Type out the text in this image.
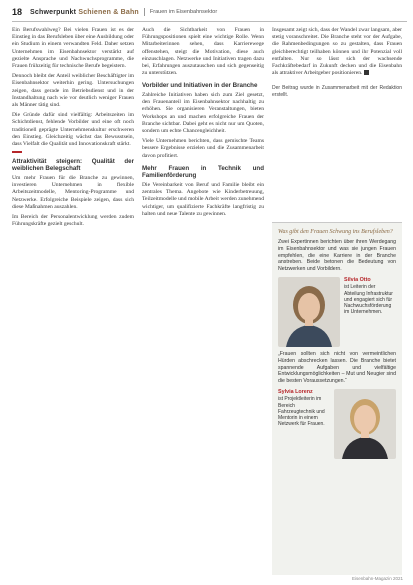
18 Schwerpunkt Schienen & Bahn Frauen im Eisenbahnsektor

Ein Berufswahlweg? Bei vielen Frauen ist es der Einstieg in das Berufsleben über eine Ausbildung oder ein Studium in einem verwandten Feld. Daher setzen Unternehmen im Eisenbahnsektor verstärkt auf gezielte Ansprache und Nachwuchsprogramme, die Frauen frühzeitig für technische Berufe begeistern.

Dennoch bleibt der Anteil weiblicher Beschäftigter im Eisenbahnsektor weiterhin gering. Untersuchungen zeigen, dass gerade im Betriebsdienst und in der Instandhaltung nach wie vor deutlich weniger Frauen als Männer tätig sind.

Die Gründe dafür sind vielfältig: Arbeitszeiten im Schichtdienst, fehlende Vorbilder und eine oft noch traditionell geprägte Unternehmenskultur erschweren den Einstieg. Gleichzeitig wächst das Bewusstsein, dass Vielfalt die Qualität und Innovationskraft stärkt.

Attraktivität steigern: Qualität der weiblichen Belegschaft

Um mehr Frauen für die Branche zu gewinnen, investieren Unternehmen in flexible Arbeitszeitmodelle, Mentoring-Programme und Netzwerke. Erfolgreiche Beispiele zeigen, dass sich diese Maßnahmen auszahlen.

Im Bereich der Personalentwicklung werden zudem Führungskräfte gezielt geschult.

Auch die Sichtbarkeit von Frauen in Führungspositionen spielt eine wichtige Rolle. Wenn Mitarbeiterinnen sehen, dass Karrierewege offenstehen, steigt die Motivation, diese auch einzuschlagen. Netzwerke und Initiativen tragen dazu bei, Erfahrungen auszutauschen und sich gegenseitig zu unterstützen.

Vorbilder und Initiativen in der Branche

Zahlreiche Initiativen haben sich zum Ziel gesetzt, den Frauenanteil im Eisenbahnsektor nachhaltig zu erhöhen. Sie organisieren Veranstaltungen, bieten Workshops an und machen erfolgreiche Frauen der Branche sichtbar. Dabei geht es nicht nur um Quoten, sondern um echte Chancengleichheit.

Viele Unternehmen berichten, dass gemischte Teams bessere Ergebnisse erzielen und die Zusammenarbeit davon profitiert.

Mehr Frauen in Technik und Familienförderung

Die Vereinbarkeit von Beruf und Familie bleibt ein zentrales Thema. Angebote wie Kinderbetreuung, Teilzeitmodelle und mobile Arbeit werden zunehmend wichtiger, um qualifizierte Fachkräfte langfristig zu halten und neue Talente zu gewinnen.

Insgesamt zeigt sich, dass der Wandel zwar langsam, aber stetig voranschreitet. Die Branche steht vor der Aufgabe, die Rahmenbedingungen so zu gestalten, dass Frauen gleichberechtigt teilhaben können und ihr Potenzial voll entfalten. Nur so lässt sich der wachsende Fachkräftebedarf in Zukunft decken und die Eisenbahn als attraktiver Arbeitgeber positionieren.

Der Beitrag wurde in Zusammenarbeit mit der Redaktion erstellt.
Was gibt den Frauen Schwung ins Berufsleben?
Zwei Expertinnen berichten über ihren Werdegang im Eisenbahnsektor und was sie jungen Frauen empfehlen, die eine Karriere in der Branche anstreben. Beide betonen die Bedeutung von Netzwerken und Vorbildern.
Silvia Otto
ist Leiterin der Abteilung Infrastruktur und engagiert sich für Nachwuchsförderung im Unternehmen.
„Frauen sollten sich nicht von vermeintlichen Hürden abschrecken lassen. Die Branche bietet spannende Aufgaben und vielfältige Entwicklungsmöglichkeiten – Mut und Neugier sind die besten Voraussetzungen.“
Sylvia Lorenz
ist Projektleiterin im Bereich Fahrzeugtechnik und Mentorin in einem Netzwerk für Frauen.
Eisenbahn-Magazin 2021
